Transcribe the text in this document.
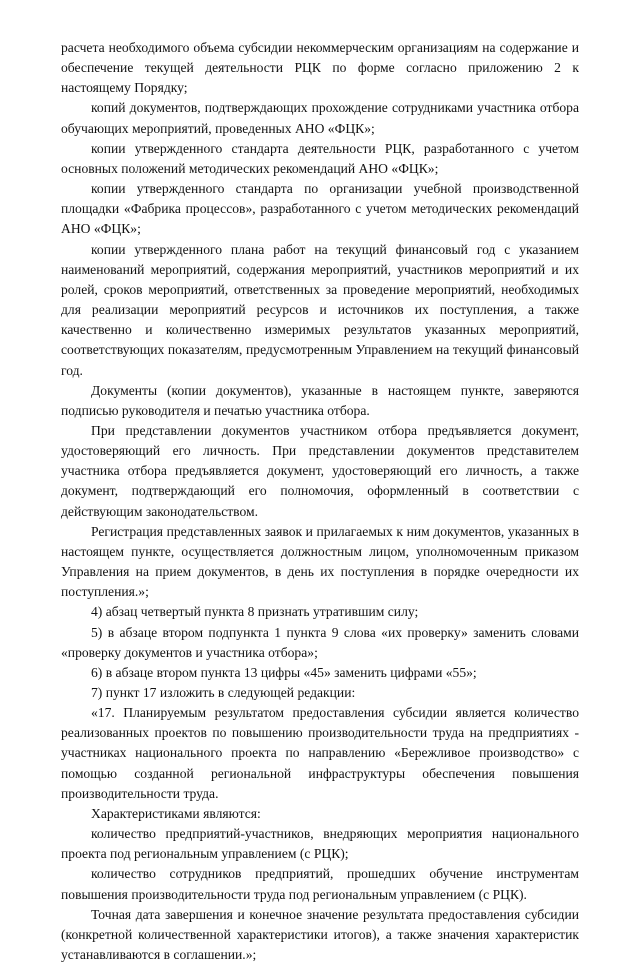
расчета необходимого объема субсидии некоммерческим организациям на содержание и обеспечение текущей деятельности РЦК по форме согласно приложению 2 к настоящему Порядку;

копий документов, подтверждающих прохождение сотрудниками участника отбора обучающих мероприятий, проведенных АНО «ФЦК»;

копии утвержденного стандарта деятельности РЦК, разработанного с учетом основных положений методических рекомендаций АНО «ФЦК»;

копии утвержденного стандарта по организации учебной производственной площадки «Фабрика процессов», разработанного с учетом методических рекомендаций АНО «ФЦК»;

копии утвержденного плана работ на текущий финансовый год с указанием наименований мероприятий, содержания мероприятий, участников мероприятий и их ролей, сроков мероприятий, ответственных за проведение мероприятий, необходимых для реализации мероприятий ресурсов и источников их поступления, а также качественно и количественно измеримых результатов указанных мероприятий, соответствующих показателям, предусмотренным Управлением на текущий финансовый год.

Документы (копии документов), указанные в настоящем пункте, заверяются подписью руководителя и печатью участника отбора.

При представлении документов участником отбора предъявляется документ, удостоверяющий его личность. При представлении документов представителем участника отбора предъявляется документ, удостоверяющий его личность, а также документ, подтверждающий его полномочия, оформленный в соответствии с действующим законодательством.

Регистрация представленных заявок и прилагаемых к ним документов, указанных в настоящем пункте, осуществляется должностным лицом, уполномоченным приказом Управления на прием документов, в день их поступления в порядке очередности их поступления.»;

4) абзац четвертый пункта 8 признать утратившим силу;

5) в абзаце втором подпункта 1 пункта 9 слова «их проверку» заменить словами «проверку документов и участника отбора»;

6) в абзаце втором пункта 13 цифры «45» заменить цифрами «55»;

7) пункт 17 изложить в следующей редакции:

«17. Планируемым результатом предоставления субсидии является количество реализованных проектов по повышению производительности труда на предприятиях - участниках национального проекта по направлению «Бережливое производство» с помощью созданной региональной инфраструктуры обеспечения повышения производительности труда.

Характеристиками являются:

количество предприятий-участников, внедряющих мероприятия национального проекта под региональным управлением (с РЦК);

количество сотрудников предприятий, прошедших обучение инструментам повышения производительности труда под региональным управлением (с РЦК).

Точная дата завершения и конечное значение результата предоставления субсидии (конкретной количественной характеристики итогов), а также значения характеристик устанавливаются в соглашении.»;
